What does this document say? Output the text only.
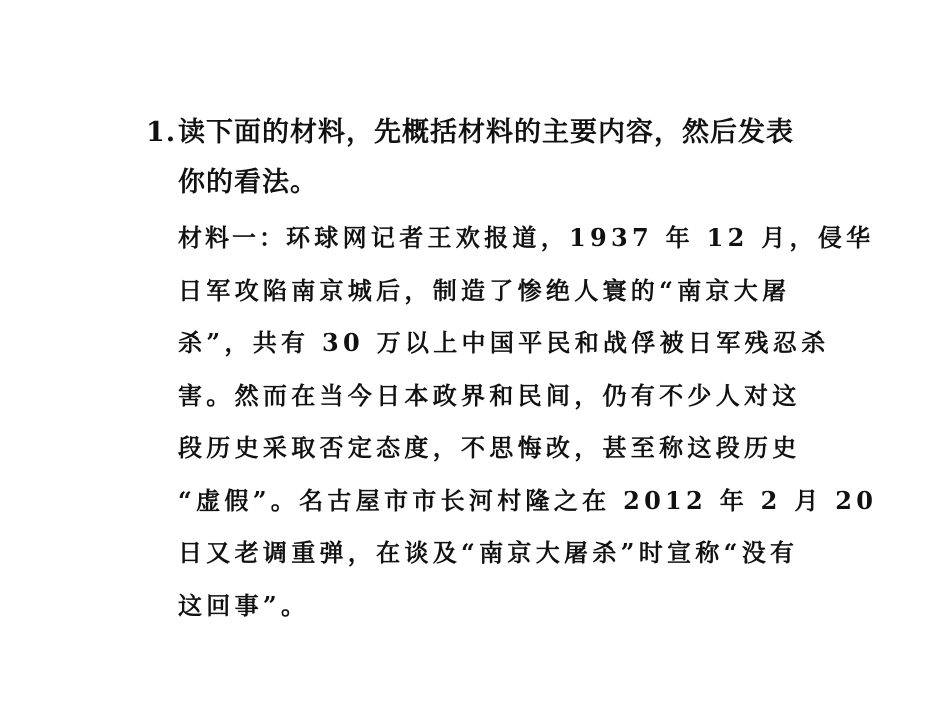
1. 读下面的材料，先概括材料的主要内容，然后发表
你的看法。
材料一：环球网记者王欢报道，1937 年 12 月，侵华
日军攻陷南京城后，制造了惨绝人寰的“南京大屠
杀”，共有 30 万以上中国平民和战俘被日军残忍杀
害。然而在当今日本政界和民间，仍有不少人对这
段历史采取否定态度，不思悔改，甚至称这段历史
“虚假”。名古屋市市长河村隆之在 2012 年 2 月 20
日又老调重弹，在谈及“南京大屠杀”时宣称“没有
这回事”。
